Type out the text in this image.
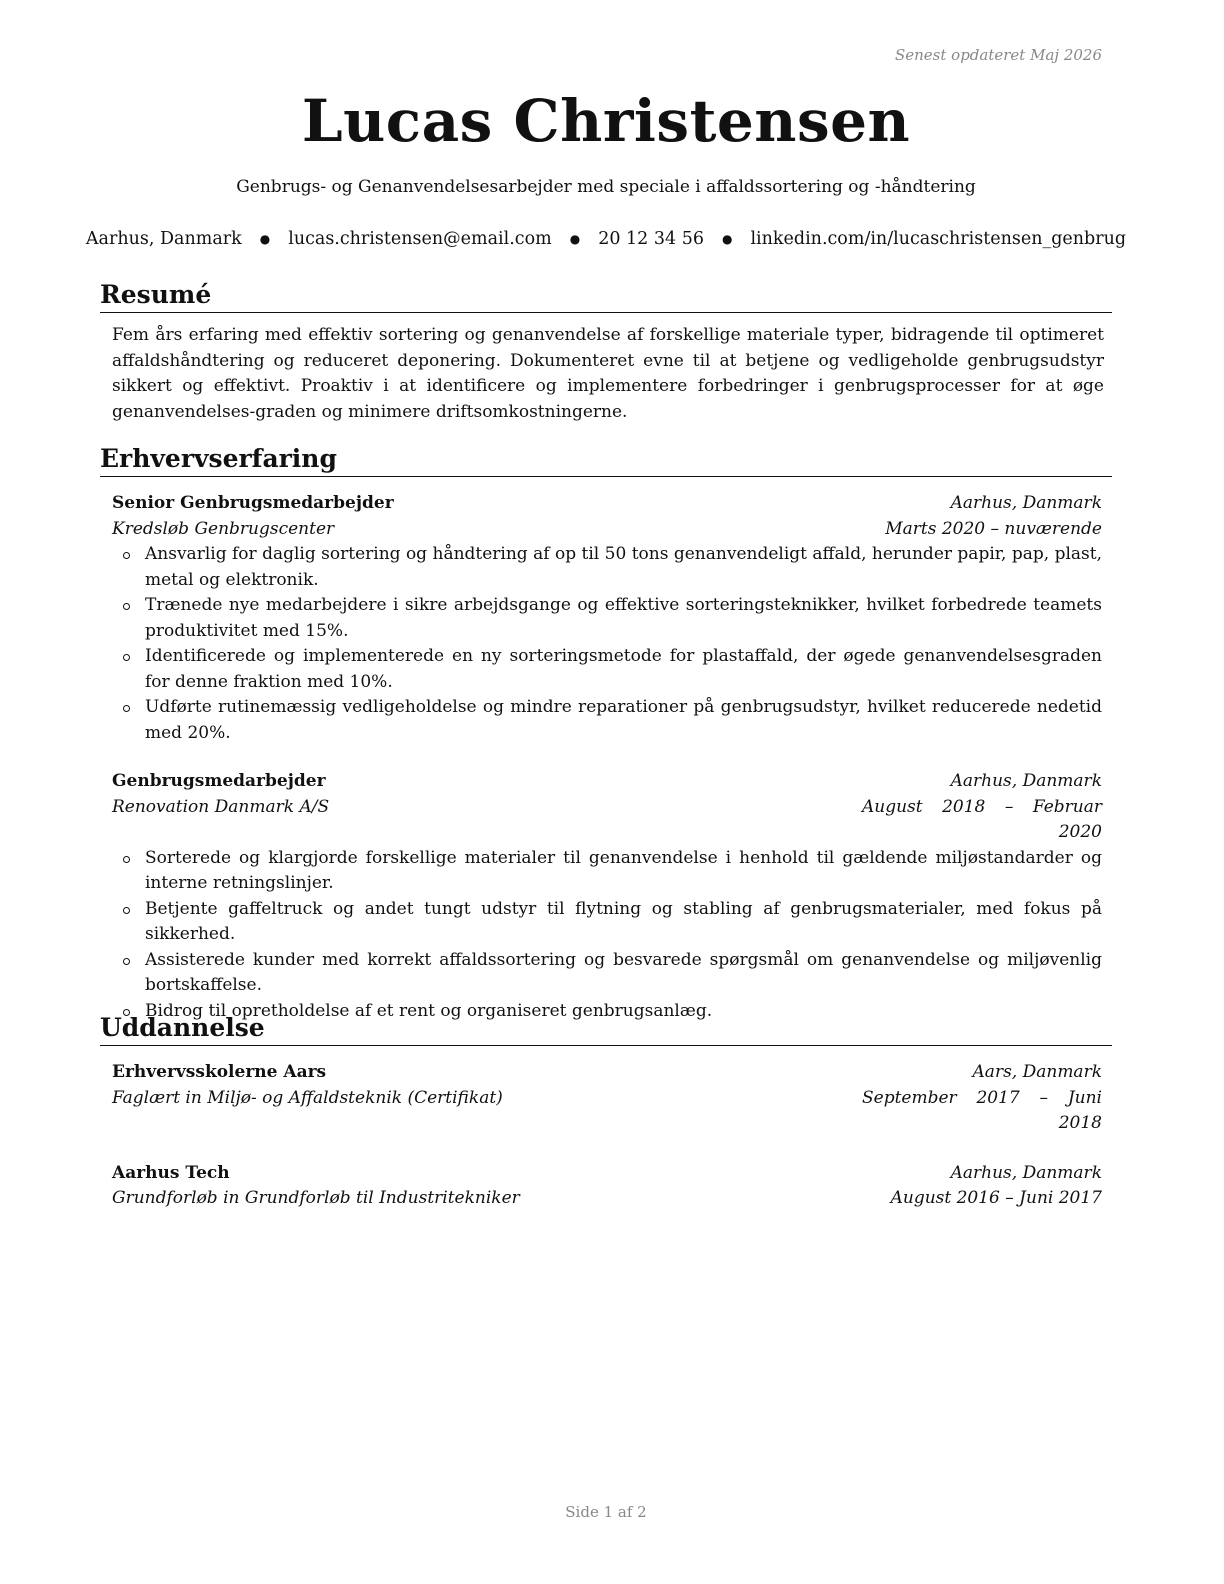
Senest opdateret Maj 2026
Lucas Christensen
Genbrugs- og Genanvendelsesarbejder med speciale i affaldssortering og -håndtering
Aarhus, Danmark ● lucas.christensen@email.com ● 20 12 34 56 ● linkedin.com/in/lucaschristensen_genbrug
Resumé
Fem års erfaring med effektiv sortering og genanvendelse af forskellige materiale typer, bidragende til optimeret affaldshåndtering og reduceret deponering. Dokumenteret evne til at betjene og vedligeholde genbrugsudstyr sikkert og effektivt. Proaktiv i at identificere og implementere forbedringer i genbrugsprocesser for at øge genanvendelses-graden og minimere driftsomkostningerne.
Erhvervserfaring
Senior Genbrugsmedarbejder	Aarhus, Danmark
Kredsløb Genbrugscenter	Marts 2020 – nuværende
Ansvarlig for daglig sortering og håndtering af op til 50 tons genanvendeligt affald, herunder papir, pap, plast, metal og elektronik.
Trænede nye medarbejdere i sikre arbejdsgange og effektive sorteringsteknikker, hvilket forbedrede teamets produktivitet med 15%.
Identificerede og implementerede en ny sorteringsmetode for plastaffald, der øgede genanvendelsesgraden for denne fraktion med 10%.
Udførte rutinemæssig vedligeholdelse og mindre reparationer på genbrugsudstyr, hvilket reducerede nedetid med 20%.
Genbrugsmedarbejder	Aarhus, Danmark
Renovation Danmark A/S	August 2018 – Februar 2020
Sorterede og klargjorde forskellige materialer til genanvendelse i henhold til gældende miljøstandarder og interne retningslinjer.
Betjente gaffeltruck og andet tungt udstyr til flytning og stabling af genbrugsmaterialer, med fokus på sikkerhed.
Assisterede kunder med korrekt affaldssortering og besvarede spørgsmål om genanvendelse og miljøvenlig bortskaffelse.
Bidrog til opretholdelse af et rent og organiseret genbrugsanlæg.
Uddannelse
Erhvervsskolerne Aars	Aars, Danmark
Faglært in Miljø- og Affaldsteknik (Certifikat)	September 2017 – Juni 2018
Aarhus Tech	Aarhus, Danmark
Grundforløb in Grundforløb til Industritekniker	August 2016 – Juni 2017
Side 1 af 2
